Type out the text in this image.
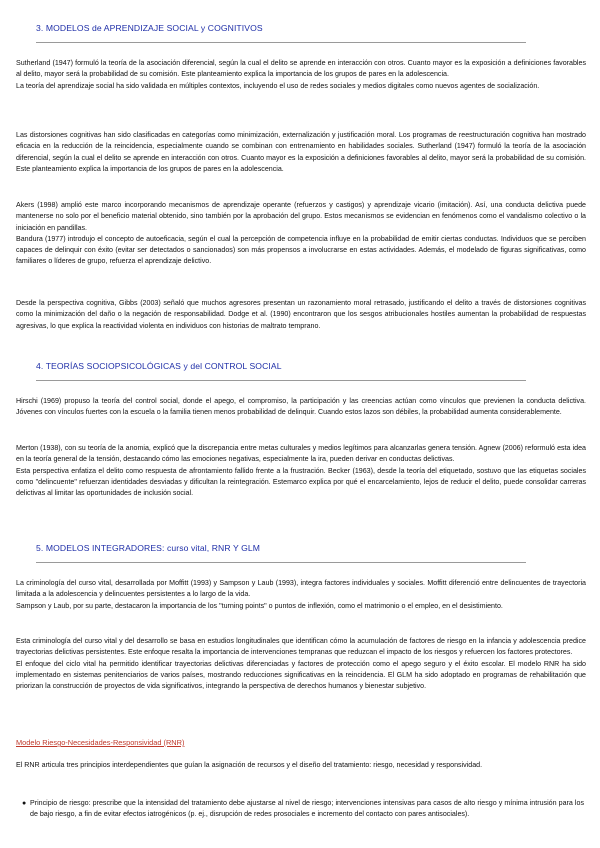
3. MODELOS de APRENDIZAJE SOCIAL y COGNITIVOS

Sutherland (1947) formuló la teoría de la asociación diferencial, según la cual el delito se aprende en interacción con otros. Cuanto mayor es la exposición a definiciones favorables al delito, mayor será la probabilidad de su comisión. Este planteamiento explica la importancia de los grupos de pares en la adolescencia.

La teoría del aprendizaje social ha sido validada en múltiples contextos, incluyendo el uso de redes sociales y medios digitales como nuevos agentes de socialización.

Las distorsiones cognitivas han sido clasificadas en categorías como minimización, externalización y justificación moral. Los programas de reestructuración cognitiva han mostrado eficacia en la reducción de la reincidencia, especialmente cuando se combinan con entrenamiento en habilidades sociales. Sutherland (1947) formuló la teoría de la asociación diferencial, según la cual el delito se aprende en interacción con otros. Cuanto mayor es la exposición a definiciones favorables al delito, mayor será la probabilidad de su comisión. Este planteamiento explica la importancia de los grupos de pares en la adolescencia.

Akers (1998) amplió este marco incorporando mecanismos de aprendizaje operante (refuerzos y castigos) y aprendizaje vicario (imitación). Así, una conducta delictiva puede mantenerse no solo por el beneficio material obtenido, sino también por la aprobación del grupo. Estos mecanismos se evidencian en fenómenos como el vandalismo colectivo o la iniciación en pandillas.

Bandura (1977) introdujo el concepto de autoeficacia, según el cual la percepción de competencia influye en la probabilidad de emitir ciertas conductas. Individuos que se perciben capaces de delinquir con éxito (evitar ser detectados o sancionados) son más propensos a involucrarse en estas actividades. Además, el modelado de figuras significativas, como familiares o líderes de grupo, refuerza el aprendizaje delictivo.

Desde la perspectiva cognitiva, Gibbs (2003) señaló que muchos agresores presentan un razonamiento moral retrasado, justificando el delito a través de distorsiones cognitivas como la minimización del daño o la negación de responsabilidad. Dodge et al. (1990) encontraron que los sesgos atribucionales hostiles aumentan la probabilidad de respuestas agresivas, lo que explica la reactividad violenta en individuos con historias de maltrato temprano.

4. TEORÍAS SOCIOPSICOLÓGICAS y del CONTROL SOCIAL

Hirschi (1969) propuso la teoría del control social, donde el apego, el compromiso, la participación y las creencias actúan como vínculos que previenen la conducta delictiva. Jóvenes con vínculos fuertes con la escuela o la familia tienen menos probabilidad de delinquir. Cuando estos lazos son débiles, la probabilidad aumenta considerablemente.

Merton (1938), con su teoría de la anomia, explicó que la discrepancia entre metas culturales y medios legítimos para alcanzarlas genera tensión. Agnew (2006) reformuló esta idea en la teoría general de la tensión, destacando cómo las emociones negativas, especialmente la ira, pueden derivar en conductas delictivas.

Esta perspectiva enfatiza el delito como respuesta de afrontamiento fallido frente a la frustración. Becker (1963), desde la teoría del etiquetado, sostuvo que las etiquetas sociales como "delincuente" refuerzan identidades desviadas y dificultan la reintegración. Estemarco explica por qué el encarcelamiento, lejos de reducir el delito, puede consolidar carreras delictivas al limitar las oportunidades de inclusión social.

5. MODELOS INTEGRADORES: curso vital, RNR Y GLM

La criminología del curso vital, desarrollada por Moffitt (1993) y Sampson y Laub (1993), integra factores individuales y sociales. Moffitt diferenció entre delincuentes de trayectoria limitada a la adolescencia y delincuentes persistentes a lo largo de la vida.

Sampson y Laub, por su parte, destacaron la importancia de los "turning points" o puntos de inflexión, como el matrimonio o el empleo, en el desistimiento.

Esta criminología del curso vital y del desarrollo se basa en estudios longitudinales que identifican cómo la acumulación de factores de riesgo en la infancia y adolescencia predice trayectorias delictivas persistentes. Este enfoque resalta la importancia de intervenciones tempranas que reduzcan el impacto de los riesgos y refuercen los factores protectores.

El enfoque del ciclo vital ha permitido identificar trayectorias delictivas diferenciadas y factores de protección como el apego seguro y el éxito escolar. El modelo RNR ha sido implementado en sistemas penitenciarios de varios países, mostrando reducciones significativas en la reincidencia. El GLM ha sido adoptado en programas de rehabilitación que priorizan la construcción de proyectos de vida significativos, integrando la perspectiva de derechos humanos y bienestar subjetivo.

Modelo Riesgo-Necesidades-Responsividad (RNR)
El RNR articula tres principios interdependientes que guían la asignación de recursos y el diseño del tratamiento: riesgo, necesidad y responsividad.
● Principio de riesgo: prescribe que la intensidad del tratamiento debe ajustarse al nivel de riesgo; intervenciones intensivas para casos de alto riesgo y mínima intrusión para los de bajo riesgo, a fin de evitar efectos iatrogénicos (p. ej., disrupción de redes prosociales e incremento del contacto con pares antisociales).
